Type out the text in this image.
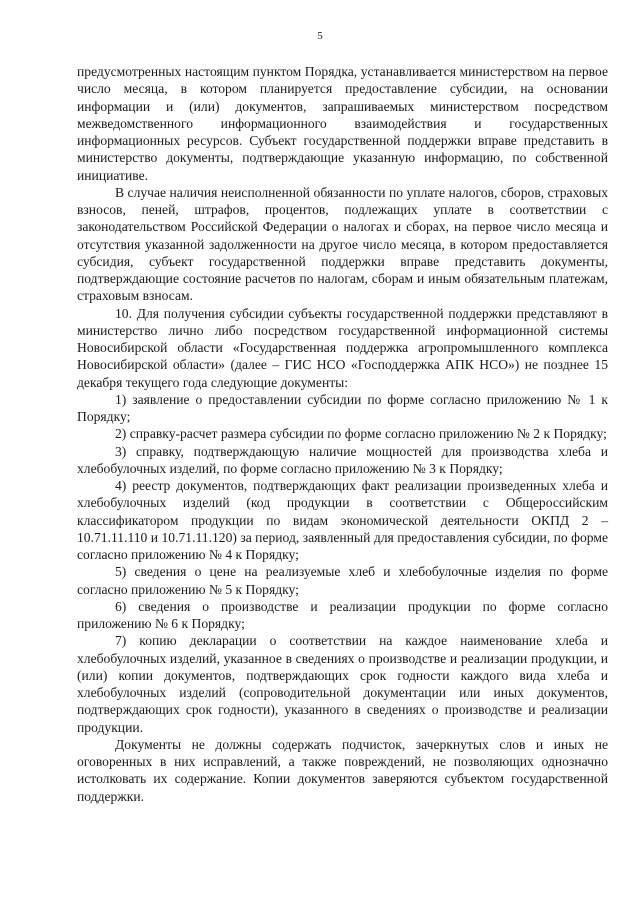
5

предусмотренных настоящим пунктом Порядка, устанавливается министерством на первое число месяца, в котором планируется предоставление субсидии, на основании информации и (или) документов, запрашиваемых министерством посредством межведомственного информационного взаимодействия и государственных информационных ресурсов. Субъект государственной поддержки вправе представить в министерство документы, подтверждающие указанную информацию, по собственной инициативе.

В случае наличия неисполненной обязанности по уплате налогов, сборов, страховых взносов, пеней, штрафов, процентов, подлежащих уплате в соответствии с законодательством Российской Федерации о налогах и сборах, на первое число месяца и отсутствия указанной задолженности на другое число месяца, в котором предоставляется субсидия, субъект государственной поддержки вправе представить документы, подтверждающие состояние расчетов по налогам, сборам и иным обязательным платежам, страховым взносам.

10. Для получения субсидии субъекты государственной поддержки представляют в министерство лично либо посредством государственной информационной системы Новосибирской области «Государственная поддержка агропромышленного комплекса Новосибирской области» (далее – ГИС НСО «Господдержка АПК НСО») не позднее 15 декабря текущего года следующие документы:

1) заявление о предоставлении субсидии по форме согласно приложению № 1 к Порядку;

2) справку-расчет размера субсидии по форме согласно приложению № 2 к Порядку;

3) справку, подтверждающую наличие мощностей для производства хлеба и хлебобулочных изделий, по форме согласно приложению № 3 к Порядку;

4) реестр документов, подтверждающих факт реализации произведенных хлеба и хлебобулочных изделий (код продукции в соответствии с Общероссийским классификатором продукции по видам экономической деятельности ОКПД 2 – 10.71.11.110 и 10.71.11.120) за период, заявленный для предоставления субсидии, по форме согласно приложению № 4 к Порядку;

5) сведения о цене на реализуемые хлеб и хлебобулочные изделия по форме согласно приложению № 5 к Порядку;

6) сведения о производстве и реализации продукции по форме согласно приложению № 6 к Порядку;

7) копию декларации о соответствии на каждое наименование хлеба и хлебобулочных изделий, указанное в сведениях о производстве и реализации продукции, и (или) копии документов, подтверждающих срок годности каждого вида хлеба и хлебобулочных изделий (сопроводительной документации или иных документов, подтверждающих срок годности), указанного в сведениях о производстве и реализации продукции.

Документы не должны содержать подчисток, зачеркнутых слов и иных не оговоренных в них исправлений, а также повреждений, не позволяющих однозначно истолковать их содержание. Копии документов заверяются субъектом государственной поддержки.
